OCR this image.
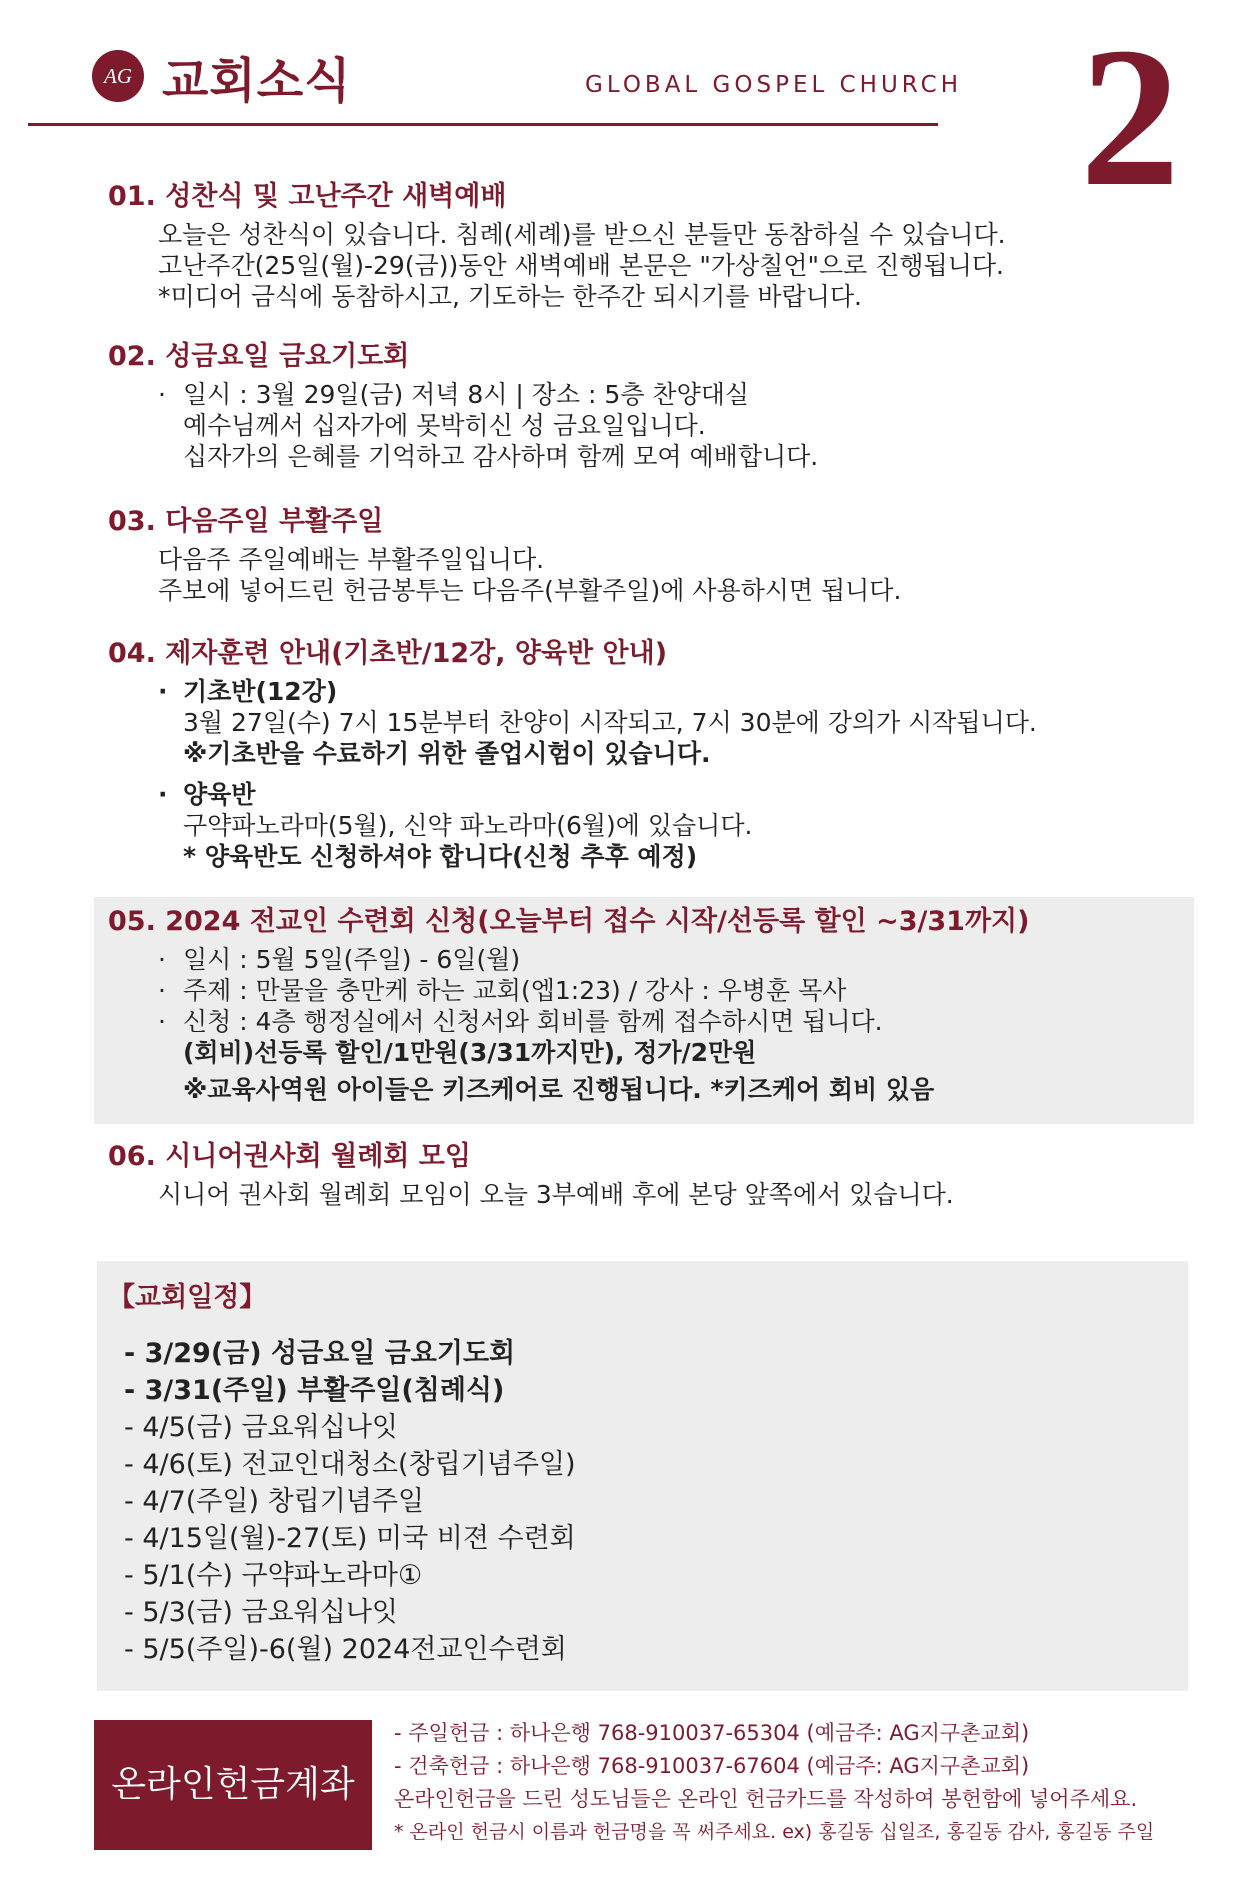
AG 교회소식	GLOBAL GOSPEL CHURCH 2
01. 성찬식 및 고난주간 새벽예배
오늘은 성찬식이 있습니다. 침례(세례)를 받으신 분들만 동참하실 수 있습니다.
고난주간(25일(월)-29(금))동안 새벽예배 본문은 "가상칠언"으로 진행됩니다.
*미디어 금식에 동참하시고, 기도하는 한주간 되시기를 바랍니다.
02. 성금요일 금요기도회
· 일시 : 3월 29일(금) 저녁 8시 | 장소 : 5층 찬양대실
예수님께서 십자가에 못박히신 성 금요일입니다.
십자가의 은혜를 기억하고 감사하며 함께 모여 예배합니다.
03. 다음주일 부활주일
다음주 주일예배는 부활주일입니다.
주보에 넣어드린 헌금봉투는 다음주(부활주일)에 사용하시면 됩니다.
04. 제자훈련 안내(기초반/12강, 양육반 안내)
· 기초반(12강)
3월 27일(수) 7시 15분부터 찬양이 시작되고, 7시 30분에 강의가 시작됩니다.
※기초반을 수료하기 위한 졸업시험이 있습니다.
· 양육반
구약파노라마(5월), 신약 파노라마(6월)에 있습니다.
* 양육반도 신청하셔야 합니다(신청 추후 예정)
05. 2024 전교인 수련회 신청(오늘부터 접수 시작/선등록 할인 ~3/31까지)
· 일시 : 5월 5일(주일) - 6일(월)
· 주제 : 만물을 충만케 하는 교회(엡1:23) / 강사 : 우병훈 목사
· 신청 : 4층 행정실에서 신청서와 회비를 함께 접수하시면 됩니다.
(회비)선등록 할인/1만원(3/31까지만), 정가/2만원
※교육사역원 아이들은 키즈케어로 진행됩니다. *키즈케어 회비 있음
06. 시니어권사회 월례회 모임
시니어 권사회 월례회 모임이 오늘 3부예배 후에 본당 앞쪽에서 있습니다.
【교회일정】
- 3/29(금) 성금요일 금요기도회
- 3/31(주일) 부활주일(침례식)
- 4/5(금) 금요워십나잇
- 4/6(토) 전교인대청소(창립기념주일)
- 4/7(주일) 창립기념주일
- 4/15일(월)-27(토) 미국 비젼 수련회
- 5/1(수) 구약파노라마①
- 5/3(금) 금요워십나잇
- 5/5(주일)-6(월) 2024전교인수련회
온라인헌금계좌
- 주일헌금 : 하나은행 768-910037-65304 (예금주: AG지구촌교회)
- 건축헌금 : 하나은행 768-910037-67604 (예금주: AG지구촌교회)
온라인헌금을 드린 성도님들은 온라인 헌금카드를 작성하여 봉헌함에 넣어주세요.
* 온라인 헌금시 이름과 헌금명을 꼭 써주세요. ex) 홍길동 십일조, 홍길동 감사, 홍길동 주일
